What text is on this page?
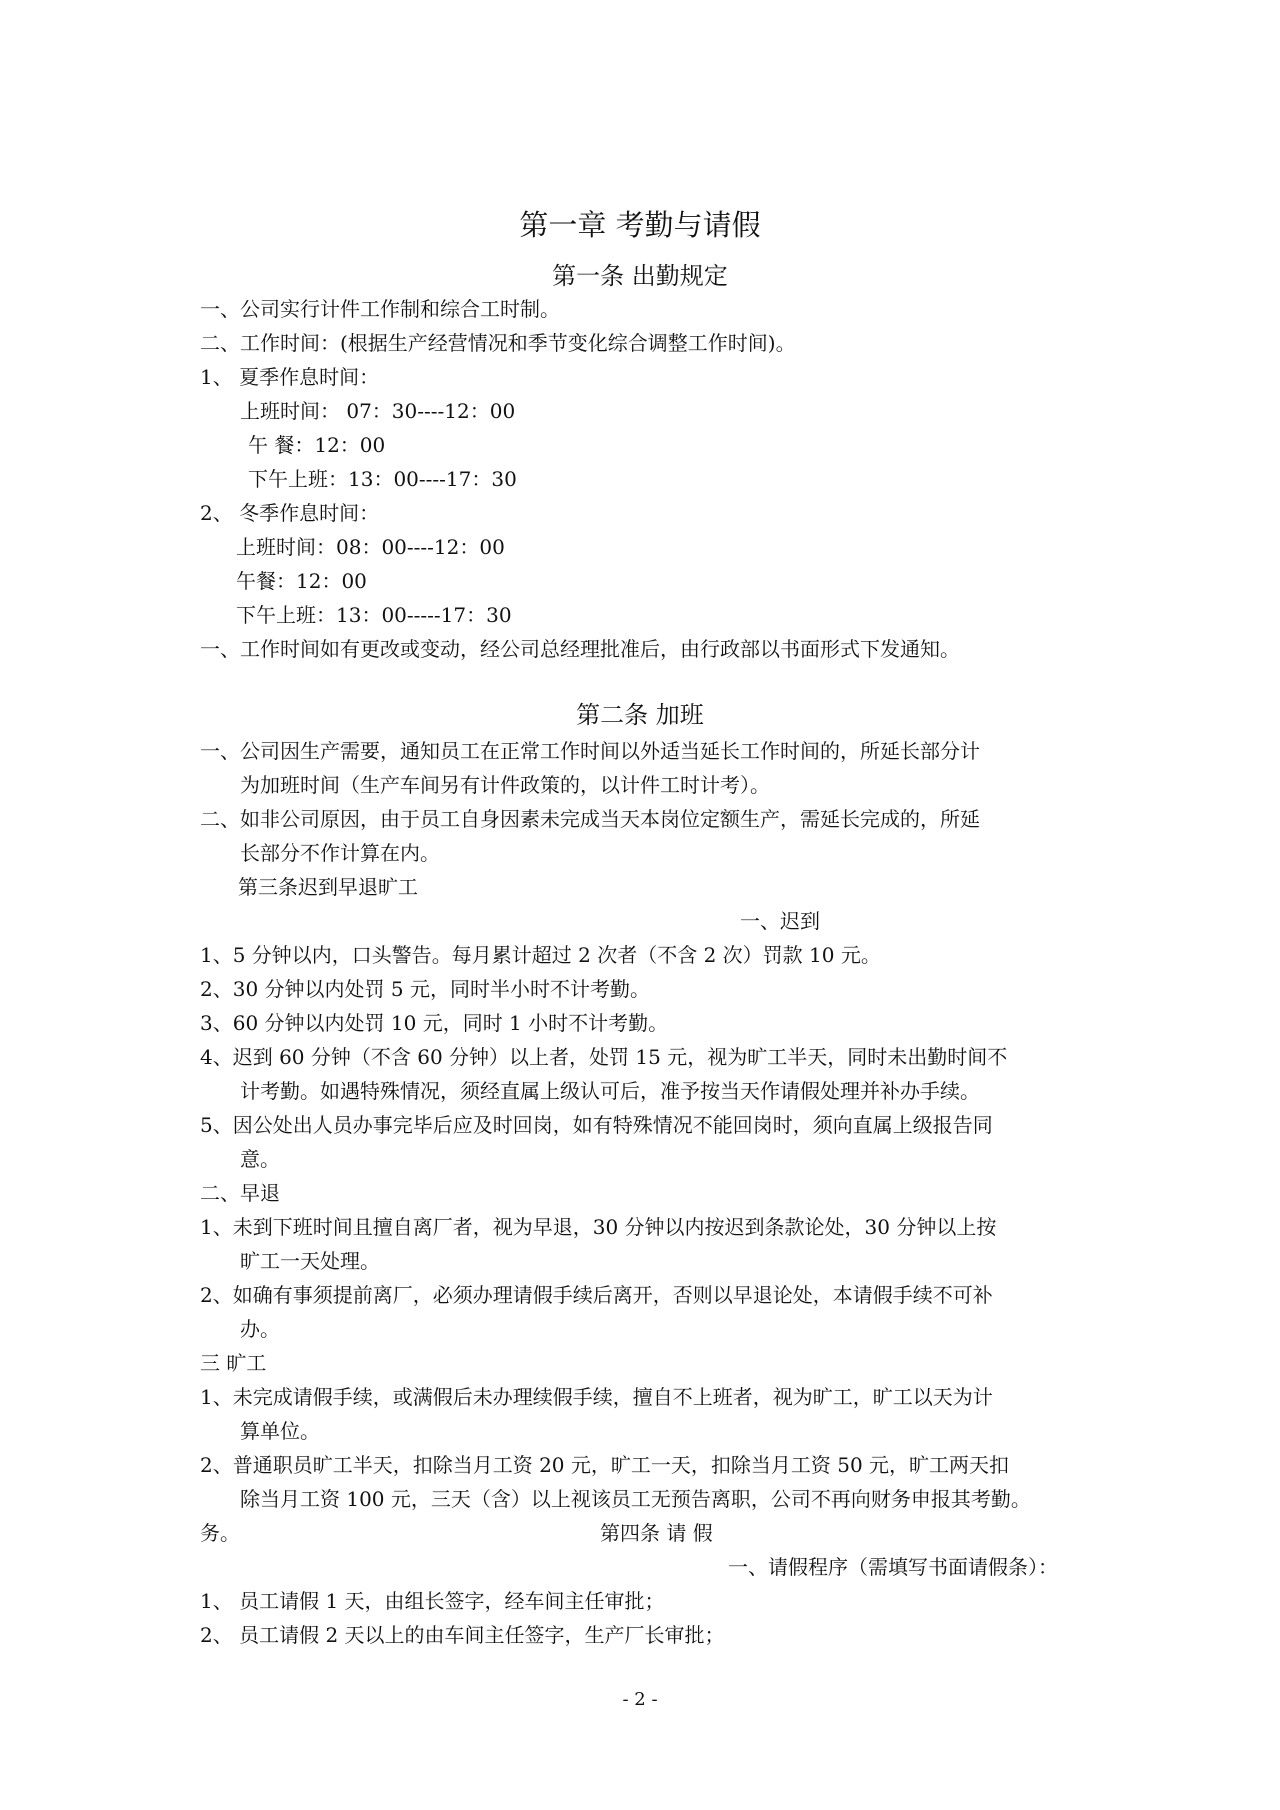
第一章 考勤与请假
第一条 出勤规定
一、公司实行计件工作制和综合工时制。
二、工作时间：(根据生产经营情况和季节变化综合调整工作时间)。
1、 夏季作息时间：
上班时间： 07：30----12：00
午 餐：12：00
下午上班：13：00----17：30
2、 冬季作息时间：
上班时间：08：00----12：00
午餐：12：00
下午上班：13：00-----17：30
一、工作时间如有更改或变动，经公司总经理批准后，由行政部以书面形式下发通知。
第二条 加班
一、公司因生产需要，通知员工在正常工作时间以外适当延长工作时间的，所延长部分计
为加班时间（生产车间另有计件政策的，以计件工时计考）。
二、如非公司原因，由于员工自身因素未完成当天本岗位定额生产，需延长完成的，所延
长部分不作计算在内。
第三条迟到早退旷工
一、迟到
1、5 分钟以内，口头警告。每月累计超过 2 次者（不含 2 次）罚款 10 元。
2、30 分钟以内处罚 5 元，同时半小时不计考勤。
3、60 分钟以内处罚 10 元，同时 1 小时不计考勤。
4、迟到 60 分钟（不含 60 分钟）以上者，处罚 15 元，视为旷工半天，同时未出勤时间不
计考勤。如遇特殊情况，须经直属上级认可后，准予按当天作请假处理并补办手续。
5、因公处出人员办事完毕后应及时回岗，如有特殊情况不能回岗时，须向直属上级报告同
意。
二、早退
1、未到下班时间且擅自离厂者，视为早退，30 分钟以内按迟到条款论处，30 分钟以上按
旷工一天处理。
2、如确有事须提前离厂，必须办理请假手续后离开，否则以早退论处，本请假手续不可补
办。
三 旷工
1、未完成请假手续，或满假后未办理续假手续，擅自不上班者，视为旷工，旷工以天为计
算单位。
2、普通职员旷工半天，扣除当月工资 20 元，旷工一天，扣除当月工资 50 元，旷工两天扣
除当月工资 100 元，三天（含）以上视该员工无预告离职，公司不再向财务申报其考勤。
务。	第四条 请 假
一、请假程序（需填写书面请假条）：
1、 员工请假 1 天，由组长签字，经车间主任审批；
2、 员工请假 2 天以上的由车间主任签字，生产厂长审批；
- 2 -
